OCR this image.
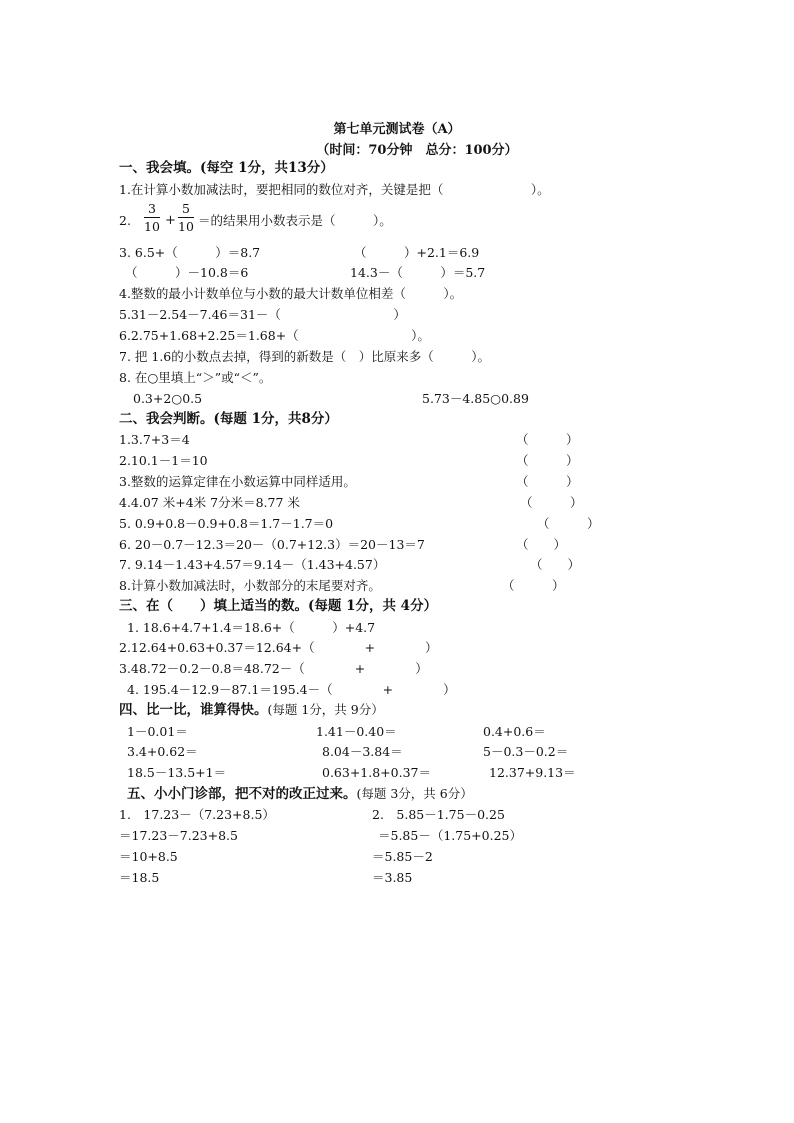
第七单元测试卷（A）
（时间：70分钟　总分：100分）
一、我会填。(每空 1分，共13分）
1.在计算小数加减法时，要把相同的数位对齐，关键是把（　　　　　　　）。
2.
3
10 +
5
10 ＝的结果用小数表示是（　　　）。
3. 6.5+（　　　）＝8.7	（　　　）+2.1＝6.9
（　　　）－10.8＝6	14.3－（　　　）＝5.7
4.整数的最小计数单位与小数的最大计数单位相差（　　　）。
5.31－2.54－7.46＝31－（　　　　　　　　　）
6.2.75+1.68+2.25＝1.68+（　　　　　　　　　）。
7. 把 1.6的小数点去掉，得到的新数是（　）比原来多（　　　）。
8. 在○里填上“＞”或“＜”。
0.3+2○0.5	5.73－4.85○0.89
二、我会判断。(每题 1分，共8分）
1.3.7+3＝4	（　　　）
2.10.1－1＝10	（　　　）
3.整数的运算定律在小数运算中同样适用。	（　　　）
4.4.07 米+4米 7分米＝8.77 米	（　　　）
5. 0.9+0.8－0.9+0.8＝1.7－1.7＝0	（　　　）
6. 20－0.7－12.3＝20－（0.7+12.3）＝20－13＝7	（　　）
7. 9.14－1.43+4.57＝9.14－（1.43+4.57）	（　　）
8.计算小数加减法时，小数部分的末尾要对齐。	（　　　）
三、在（　　）填上适当的数。(每题 1分，共 4分）
1. 18.6+4.7+1.4＝18.6+（　　　）+4.7
2.12.64+0.63+0.37＝12.64+（　　　　+　　　　）
3.48.72－0.2－0.8＝48.72－（　　　　+　　　　）
4. 195.4－12.9－87.1＝195.4－（　　　　+　　　　）
四、比一比，谁算得快。(每题 1分，共 9分）
1－0.01＝	1.41－0.40＝	0.4+0.6＝
3.4+0.62＝	8.04－3.84＝	5－0.3－0.2＝
18.5－13.5+1＝	0.63+1.8+0.37＝	12.37+9.13＝
五、小小门诊部，把不对的改正过来。(每题 3分，共 6分）
1.　17.23－（7.23+8.5）
＝17.23－7.23+8.5
＝10+8.5
＝18.5
2.　5.85－1.75－0.25
＝5.85－（1.75+0.25）
＝5.85－2
＝3.85
